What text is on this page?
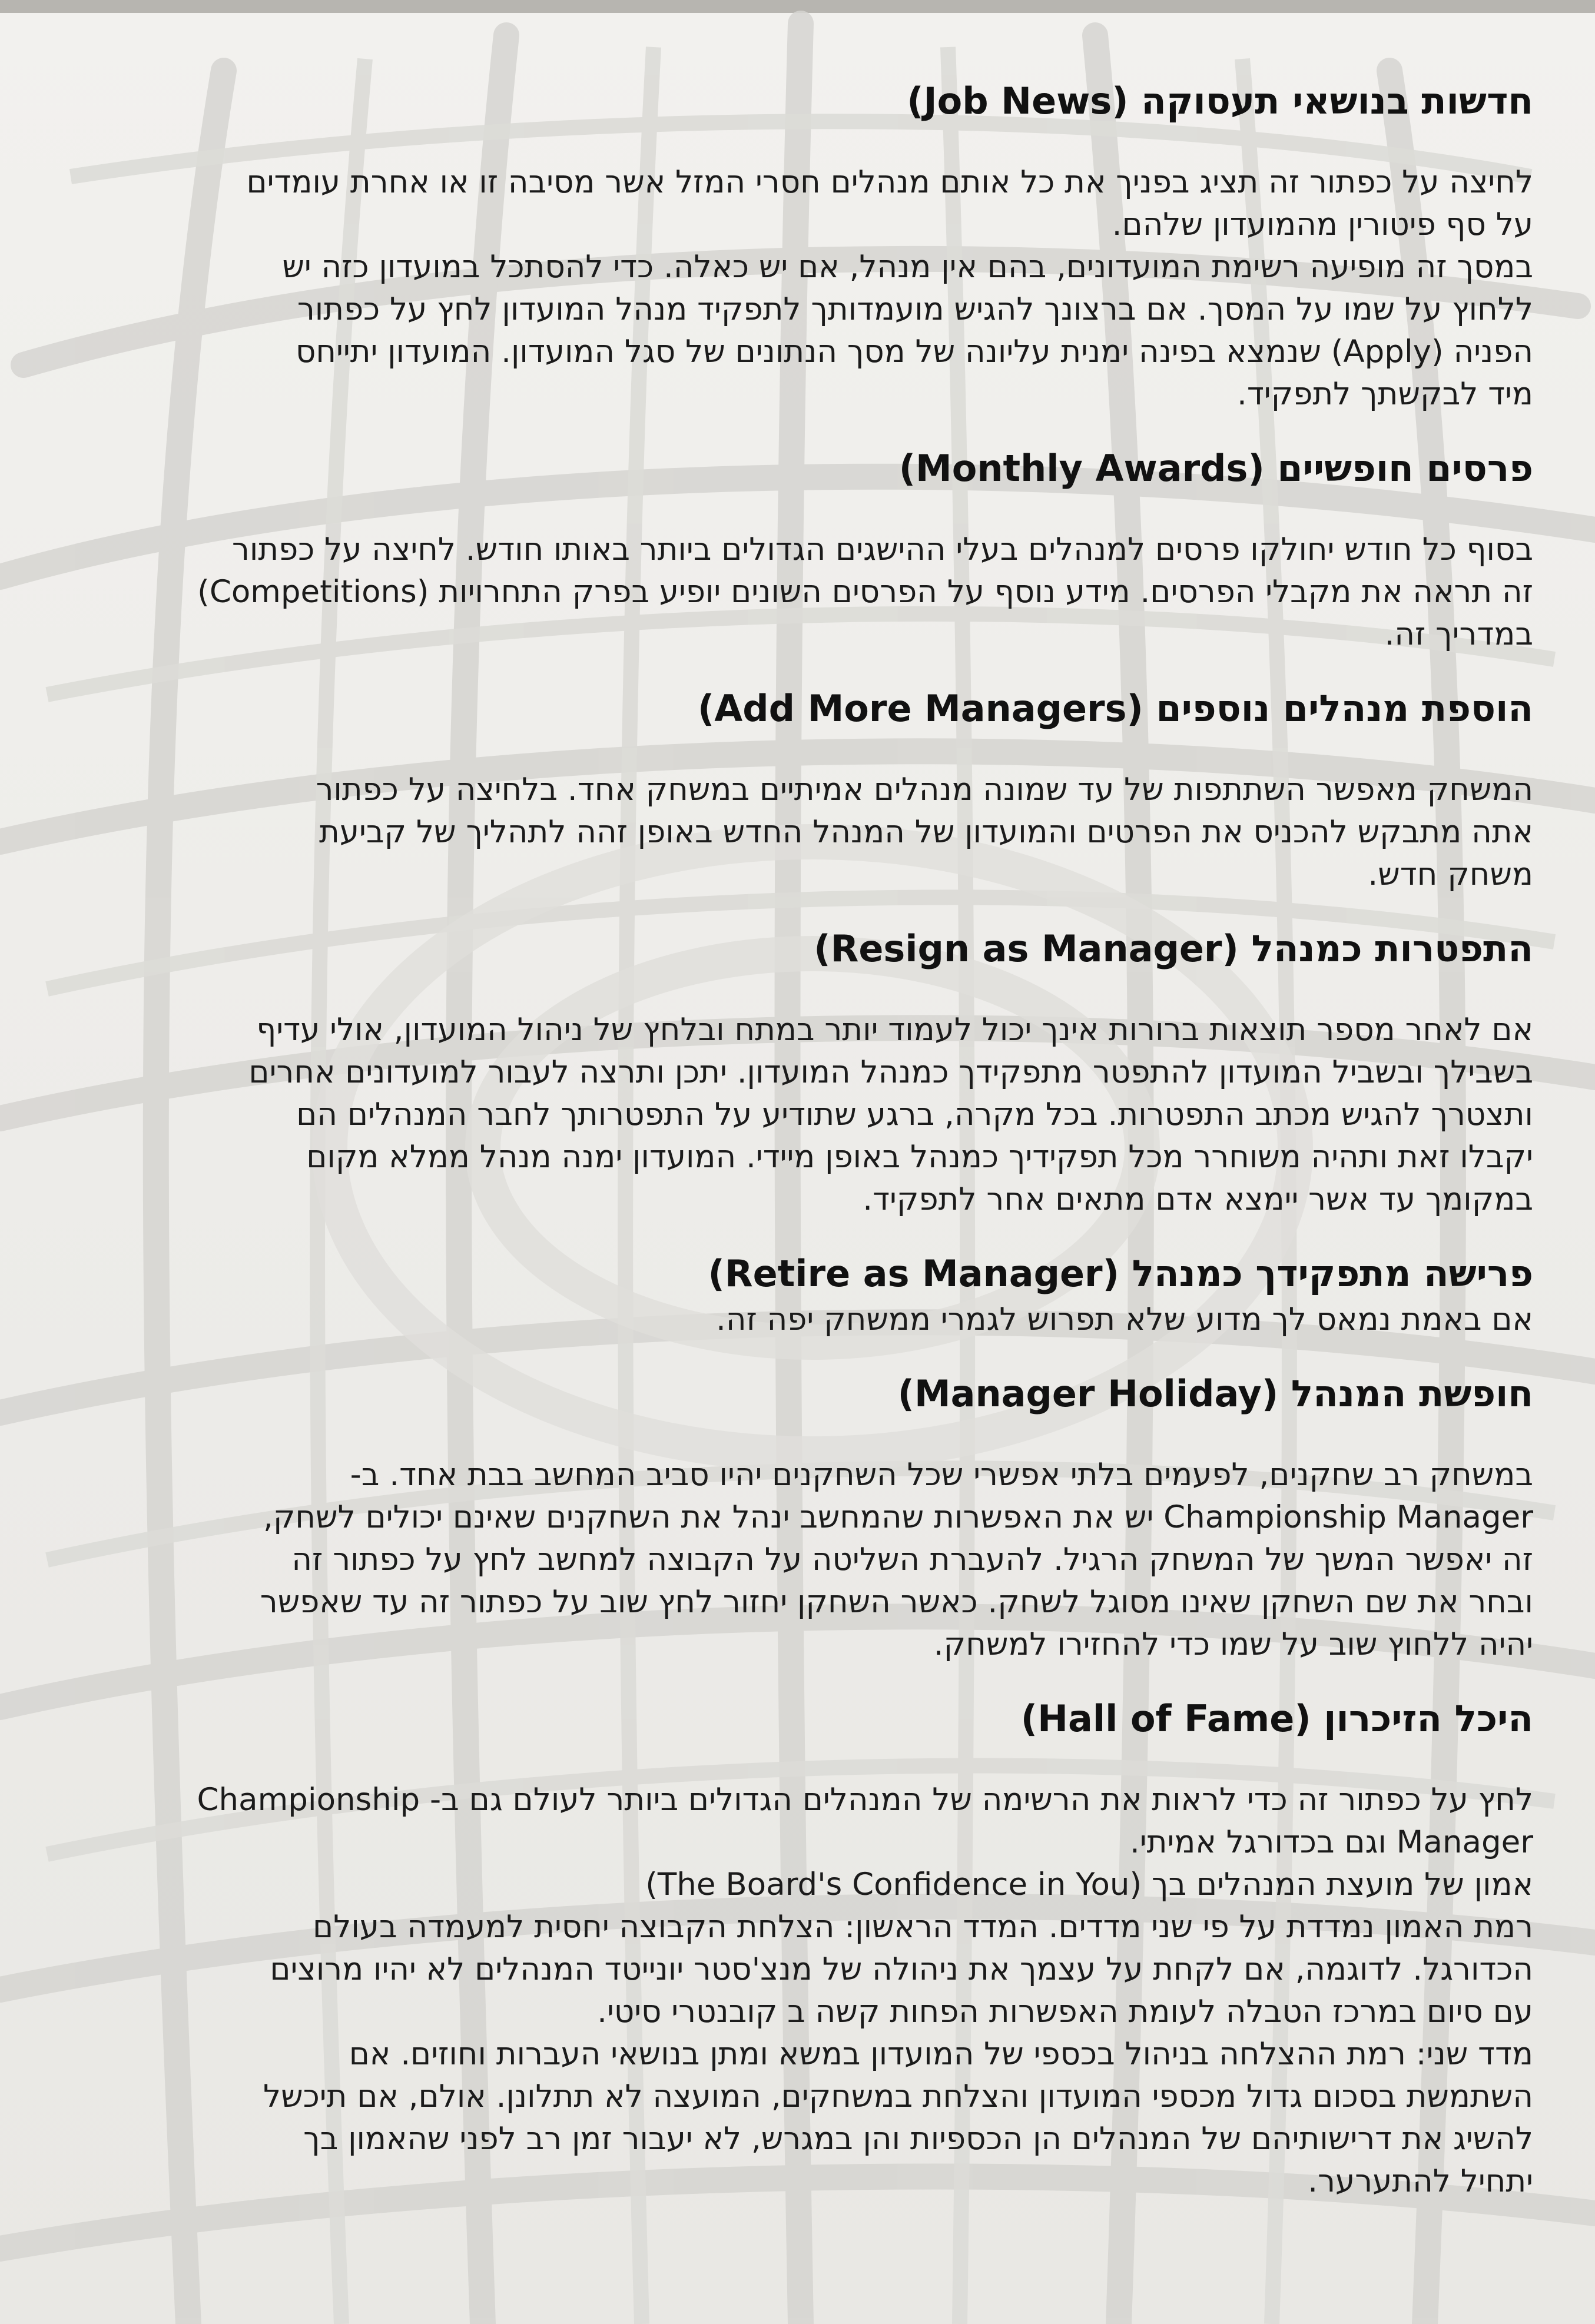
חדשות בנושאי תעסוקה (Job News)

לחיצה על כפתור זה תציג בפניך את כל אותם מנהלים חסרי המזל אשר מסיבה זו או אחרת עומדים
על סף פיטורין מהמועדון שלהם.
במסך זה מופיעה רשימת המועדונים, בהם אין מנהל, אם יש כאלה. כדי להסתכל במועדון כזה יש
ללחוץ על שמו על המסך. אם ברצונך להגיש מועמדותך לתפקיד מנהל המועדון לחץ על כפתור
הפניה (Apply) שנמצא בפינה ימנית עליונה של מסך הנתונים של סגל המועדון. המועדון יתייחס
מיד לבקשתך לתפקיד.

פרסים חופשיים (Monthly Awards)

בסוף כל חודש יחולקו פרסים למנהלים בעלי ההישגים הגדולים ביותר באותו חודש. לחיצה על כפתור
זה תראה את מקבלי הפרסים. מידע נוסף על הפרסים השונים יופיע בפרק התחרויות (Competitions)
במדריך זה.

הוספת מנהלים נוספים (Add More Managers)

המשחק מאפשר השתתפות של עד שמונה מנהלים אמיתיים במשחק אחד. בלחיצה על כפתור
אתה מתבקש להכניס את הפרטים והמועדון של המנהל החדש באופן זהה לתהליך של קביעת
משחק חדש.

התפטרות כמנהל (Resign as Manager)

אם לאחר מספר תוצאות ברורות אינך יכול לעמוד יותר במתח ובלחץ של ניהול המועדון, אולי עדיף
בשבילך ובשביל המועדון להתפטר מתפקידך כמנהל המועדון. יתכן ותרצה לעבור למועדונים אחרים
ותצטרך להגיש מכתב התפטרות. בכל מקרה, ברגע שתודיע על התפטרותך לחבר המנהלים הם
יקבלו זאת ותהיה משוחרר מכל תפקידיך כמנהל באופן מיידי. המועדון ימנה מנהל ממלא מקום
במקומך עד אשר יימצא אדם מתאים אחר לתפקיד.

פרישה מתפקידך כמנהל (Retire as Manager)

אם באמת נמאס לך מדוע שלא תפרוש לגמרי ממשחק יפה זה.

חופשת המנהל (Manager Holiday)

במשחק רב שחקנים, לפעמים בלתי אפשרי שכל השחקנים יהיו סביב המחשב בבת אחד. ב-
Championship Manager יש את האפשרות שהמחשב ינהל את השחקנים שאינם יכולים לשחק,
זה יאפשר המשך של המשחק הרגיל. להעברת השליטה על הקבוצה למחשב לחץ על כפתור זה
ובחר את שם השחקן שאינו מסוגל לשחק. כאשר השחקן יחזור לחץ שוב על כפתור זה עד שאפשר
יהיה ללחוץ שוב על שמו כדי להחזירו למשחק.

היכל הזיכרון (Hall of Fame)

לחץ על כפתור זה כדי לראות את הרשימה של המנהלים הגדולים ביותר לעולם גם ב- Championship
Manager וגם בכדורגל אמיתי.
אמון של מועצת המנהלים בך (The Board's Confidence in You)
רמת האמון נמדדת על פי שני מדדים. המדד הראשון: הצלחת הקבוצה יחסית למעמדה בעולם
הכדורגל. לדוגמה, אם לקחת על עצמך את ניהולה של מנצ'סטר יונייטד המנהלים לא יהיו מרוצים
עם סיום במרכז הטבלה לעומת האפשרות הפחות קשה ב קובנטרי סיטי.
מדד שני: רמת ההצלחה בניהול בכספי של המועדון במשא ומתן בנושאי העברות וחוזים. אם
השתמשת בסכום גדול מכספי המועדון והצלחת במשחקים, המועצה לא תתלונן. אולם, אם תיכשל
להשיג את דרישותיהם של המנהלים הן הכספיות והן במגרש, לא יעבור זמן רב לפני שהאמון בך
יתחיל להתערער.
